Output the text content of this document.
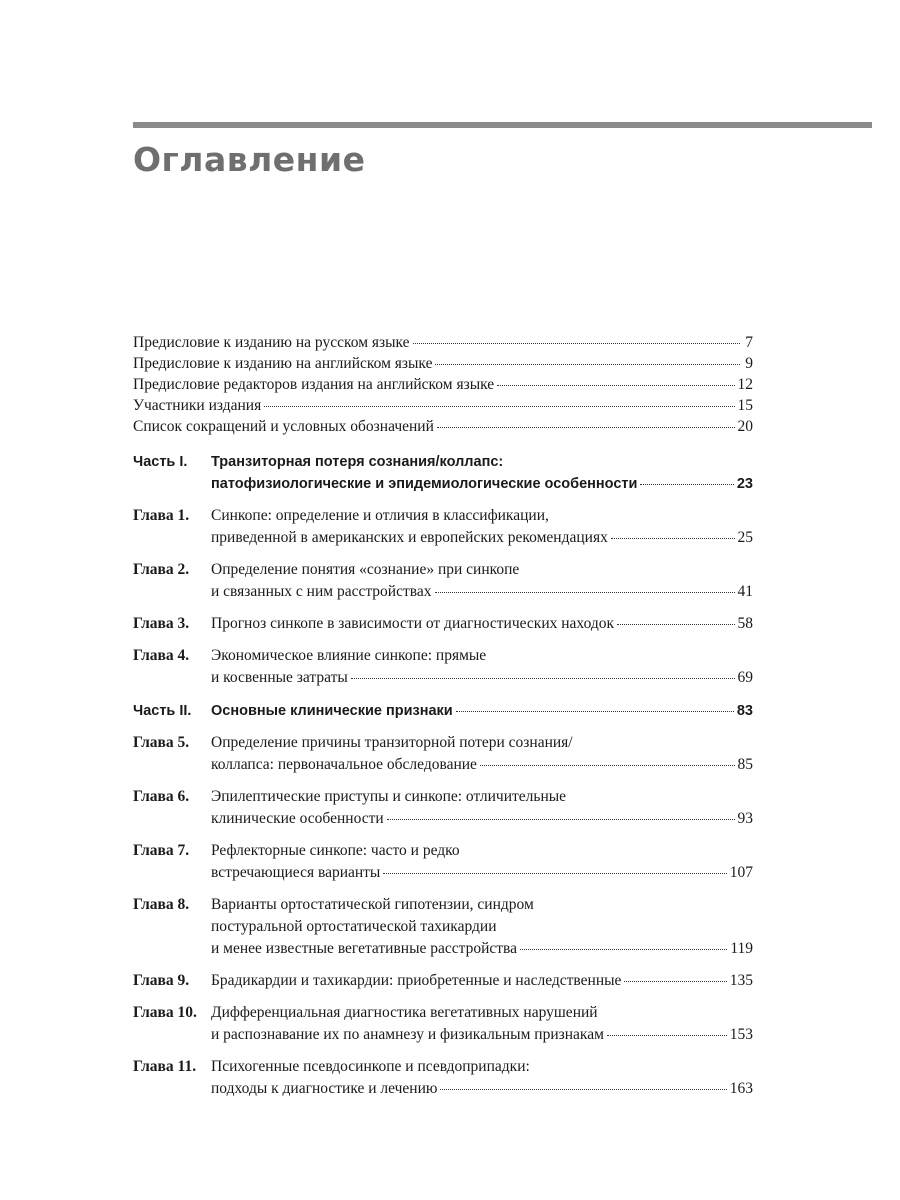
Оглавление
Предисловие к изданию на русском языке	7
Предисловие к изданию на английском языке	9
Предисловие редакторов издания на английском языке	12
Участники издания	15
Список сокращений и условных обозначений	20
Часть I.	Транзиторная потеря сознания/коллапс:
патофизиологические и эпидемиологические особенности	23
Глава 1.	Синкопе: определение и отличия в классификации,
приведенной в американских и европейских рекомендациях	25
Глава 2.	Определение понятия «сознание» при синкопе
и связанных с ним расстройствах	41
Глава 3.	Прогноз синкопе в зависимости от диагностических находок	58
Глава 4.	Экономическое влияние синкопе: прямые
и косвенные затраты	69
Часть II.	Основные клинические признаки	83
Глава 5.	Определение причины транзиторной потери сознания/
коллапса: первоначальное обследование	85
Глава 6.	Эпилептические приступы и синкопе: отличительные
клинические особенности	93
Глава 7.	Рефлекторные синкопе: часто и редко
встречающиеся варианты	107
Глава 8.	Варианты ортостатической гипотензии, синдром
постуральной ортостатической тахикардии
и менее известные вегетативные расстройства	119
Глава 9.	Брадикардии и тахикардии: приобретенные и наследственные	135
Глава 10. Дифференциальная диагностика вегетативных нарушений
и распознавание их по анамнезу и физикальным признакам	153
Глава 11. Психогенные псевдосинкопе и псевдоприпадки:
подходы к диагностике и лечению	163
